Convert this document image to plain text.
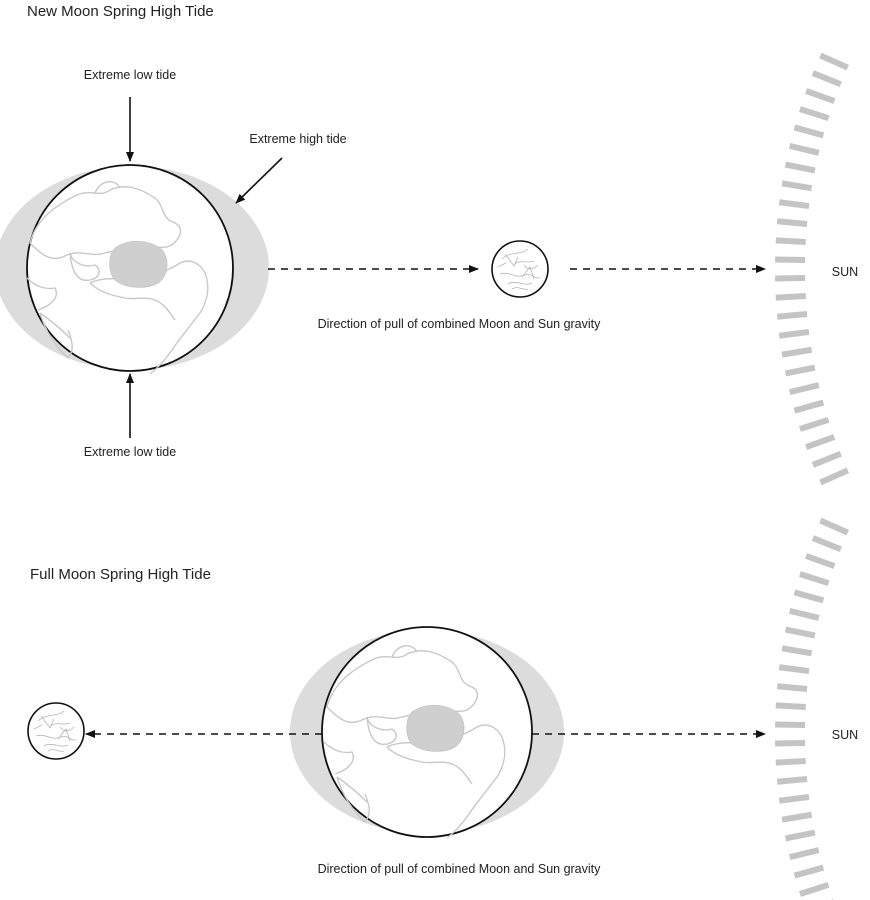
New Moon Spring High Tide
Extreme low tide
Extreme high tide
Extreme low tide
Direction of pull of combined Moon and Sun gravity
SUN
Full Moon Spring High Tide
Direction of pull of combined Moon and Sun gravity
SUN
